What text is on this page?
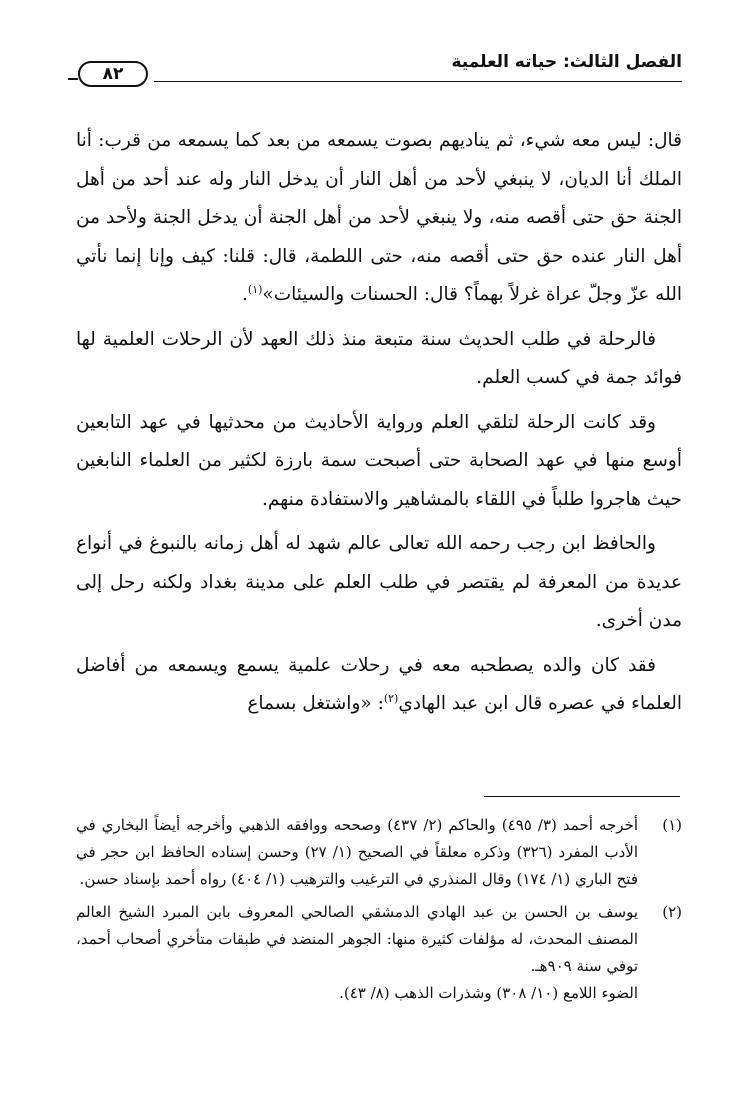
الفصل الثالث: حياته العلمية
٨٢

قال: ليس معه شيء، ثم يناديهم بصوت يسمعه من بعد كما يسمعه من قرب: أنا الملك أنا الديان، لا ينبغي لأحد من أهل النار أن يدخل النار وله عند أحد من أهل الجنة حق حتى أقصه منه، ولا ينبغي لأحد من أهل الجنة أن يدخل الجنة ولأحد من أهل النار عنده حق حتى أقصه منه، حتى اللطمة، قال: قلنا: كيف وإنا إنما نأتي الله عزّ وجلّ عراة غرلاً بهماً؟ قال: الحسنات والسيئات»$^{(١)}$.

فالرحلة في طلب الحديث سنة متبعة منذ ذلك العهد لأن الرحلات العلمية لها فوائد جمة في كسب العلم.

وقد كانت الرحلة لتلقي العلم ورواية الأحاديث من محدثيها في عهد التابعين أوسع منها في عهد الصحابة حتى أصبحت سمة بارزة لكثير من العلماء النابغين حيث هاجروا طلباً في اللقاء بالمشاهير والاستفادة منهم.

والحافظ ابن رجب رحمه الله تعالى عالم شهد له أهل زمانه بالنبوغ في أنواع عديدة من المعرفة لم يقتصر في طلب العلم على مدينة بغداد ولكنه رحل إلى مدن أخرى.

فقد كان والده يصطحبه معه في رحلات علمية يسمع ويسمعه من أفاضل العلماء في عصره قال ابن عبد الهادي$^{(٢)}$: «واشتغل بسماع

(١)
أخرجه أحمد (٣/ ٤٩٥) والحاكم (٢/ ٤٣٧) وصححه ووافقه الذهبي وأخرجه أيضاً البخاري في الأدب المفرد (٣٢٦) وذكره معلقاً في الصحيح (١/ ٢٧) وحسن إسناده الحافظ ابن حجر في فتح الباري (١/ ١٧٤) وقال المنذري في الترغيب والترهيب (١/ ٤٠٤) رواه أحمد بإسناد حسن.
(٢)
يوسف بن الحسن بن عبد الهادي الدمشقي الصالحي المعروف بابن المبرد الشيخ العالم المصنف المحدث، له مؤلفات كثيرة منها: الجوهر المنضد في طبقات متأخري أصحاب أحمد، توفي سنة ٩٠٩هـ.
الضوء اللامع (١٠/ ٣٠٨) وشذرات الذهب (٨/ ٤٣).
